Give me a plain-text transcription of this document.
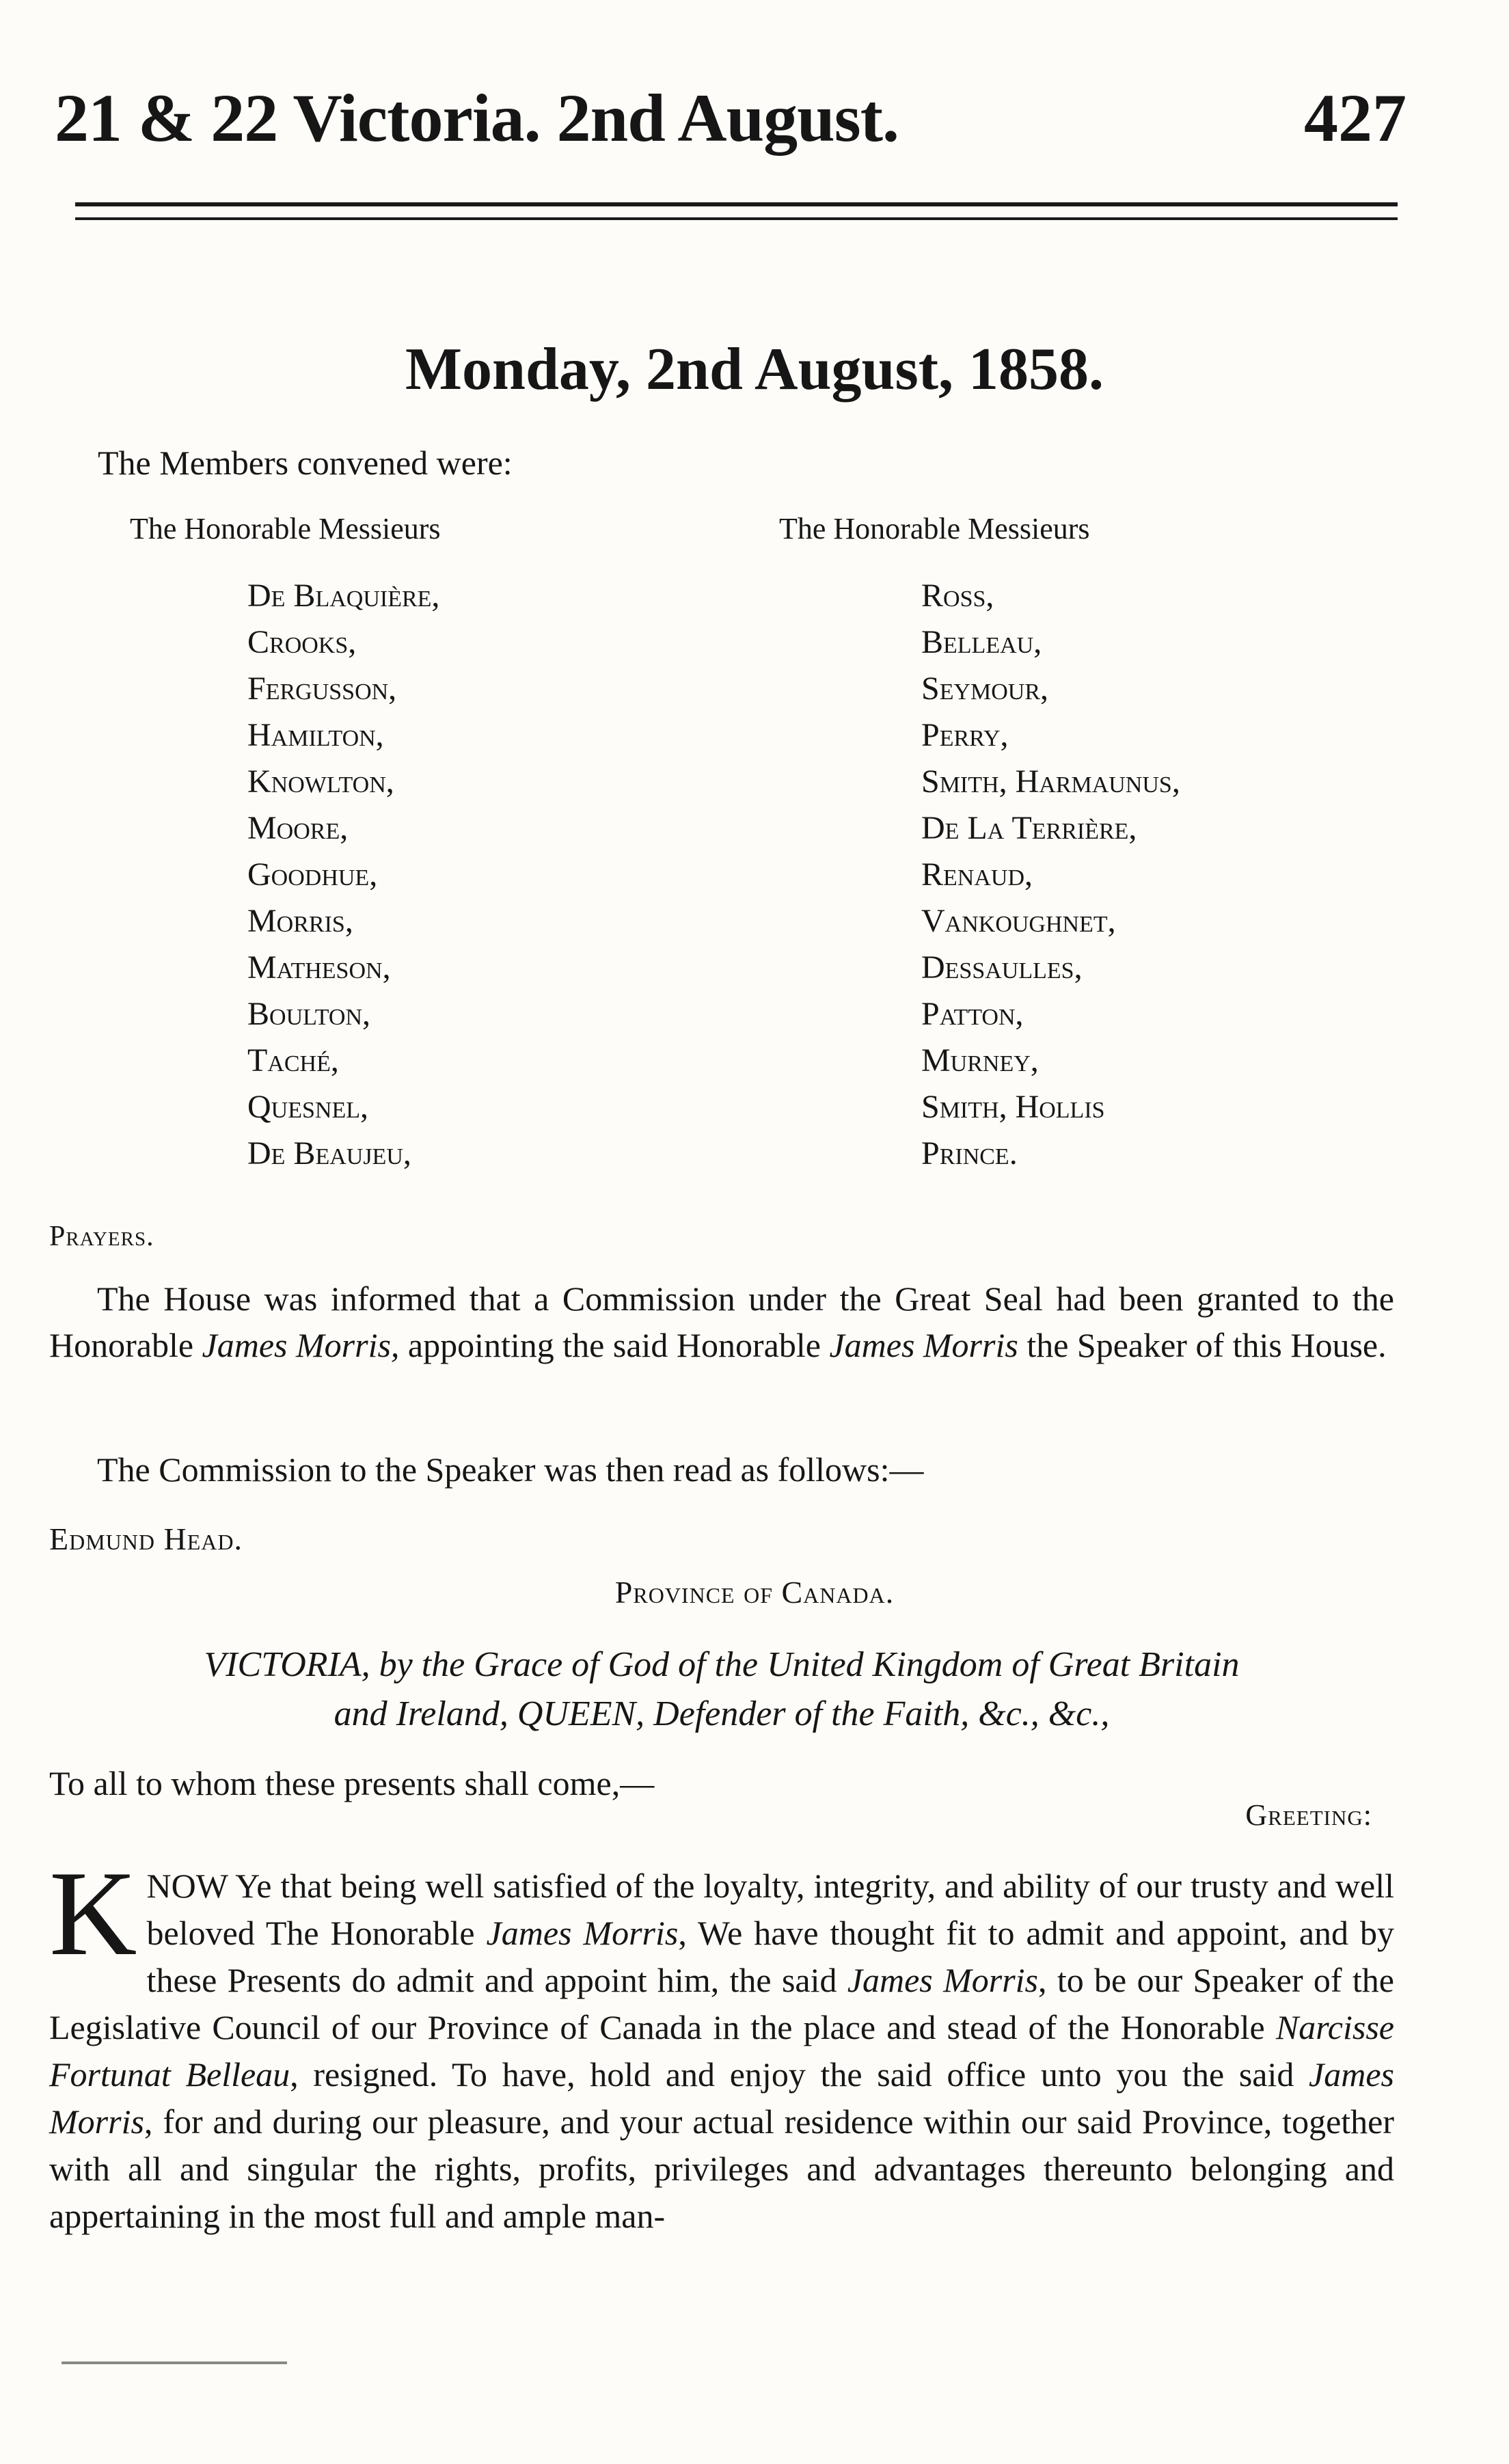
21 & 22 Victoria. 2nd August.	427
Monday, 2nd August, 1858.
The Members convened were:
The Honorable Messieurs	The Honorable Messieurs
De Blaquière,
Crooks,
Fergusson,
Hamilton,
Knowlton,
Moore,
Goodhue,
Morris,
Matheson,
Boulton,
Taché,
Quesnel,
De Beaujeu,
Ross,
Belleau,
Seymour,
Perry,
Smith, Harmaunus,
De La Terrière,
Renaud,
Vankoughnet,
Dessaulles,
Patton,
Murney,
Smith, Hollis
Prince.
Prayers.

The House was informed that a Commission under the Great Seal had been granted to the Honorable James Morris, appointing the said Honorable James Morris the Speaker of this House.

The Commission to the Speaker was then read as follows:—

Edmund Head.
Province of Canada.

VICTORIA, by the Grace of God of the United Kingdom of Great Britain
and Ireland, QUEEN, Defender of the Faith, &c., &c.,

To all to whom these presents shall come,—
Greeting:

KNOW Ye that being well satisfied of the loyalty, integrity, and ability of our trusty and well beloved The Honorable James Morris, We have thought fit to admit and appoint, and by these Presents do admit and appoint him, the said James Morris, to be our Speaker of the Legislative Council of our Province of Canada in the place and stead of the Honorable Narcisse Fortunat Belleau, resigned. To have, hold and enjoy the said office unto you the said James Morris, for and during our pleasure, and your actual residence within our said Province, together with all and singular the rights, profits, privileges and advantages thereunto belonging and appertaining in the most full and ample man-
